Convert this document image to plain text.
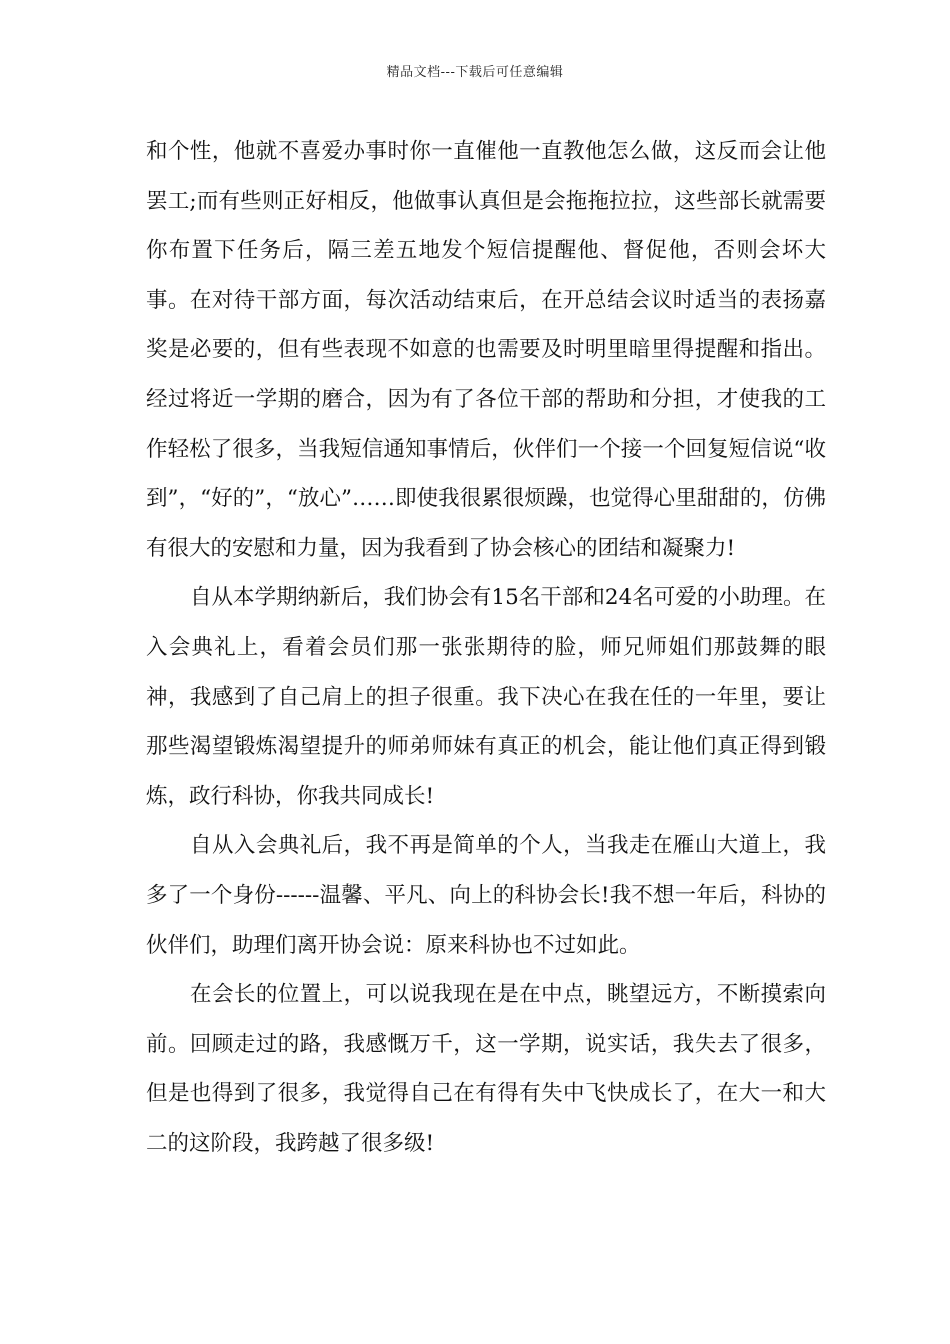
精品文档---下载后可任意编辑

和个性，他就不喜爱办事时你一直催他一直教他怎么做，这反而会让他罢工;而有些则正好相反，他做事认真但是会拖拖拉拉，这些部长就需要你布置下任务后，隔三差五地发个短信提醒他、督促他，否则会坏大事。在对待干部方面，每次活动结束后，在开总结会议时适当的表扬嘉奖是必要的，但有些表现不如意的也需要及时明里暗里得提醒和指出。经过将近一学期的磨合，因为有了各位干部的帮助和分担，才使我的工作轻松了很多，当我短信通知事情后，伙伴们一个接一个回复短信说“收到”，“好的”，“放心”……即使我很累很烦躁，也觉得心里甜甜的，仿佛有很大的安慰和力量，因为我看到了协会核心的团结和凝聚力!

自从本学期纳新后，我们协会有15名干部和24名可爱的小助理。在入会典礼上，看着会员们那一张张期待的脸，师兄师姐们那鼓舞的眼神，我感到了自己肩上的担子很重。我下决心在我在任的一年里，要让那些渴望锻炼渴望提升的师弟师妹有真正的机会，能让他们真正得到锻炼，政行科协，你我共同成长!

自从入会典礼后，我不再是简单的个人，当我走在雁山大道上，我多了一个身份------温馨、平凡、向上的科协会长!我不想一年后，科协的伙伴们，助理们离开协会说：原来科协也不过如此。

在会长的位置上，可以说我现在是在中点，眺望远方，不断摸索向前。回顾走过的路，我感慨万千，这一学期，说实话，我失去了很多，但是也得到了很多，我觉得自己在有得有失中飞快成长了，在大一和大二的这阶段，我跨越了很多级!
